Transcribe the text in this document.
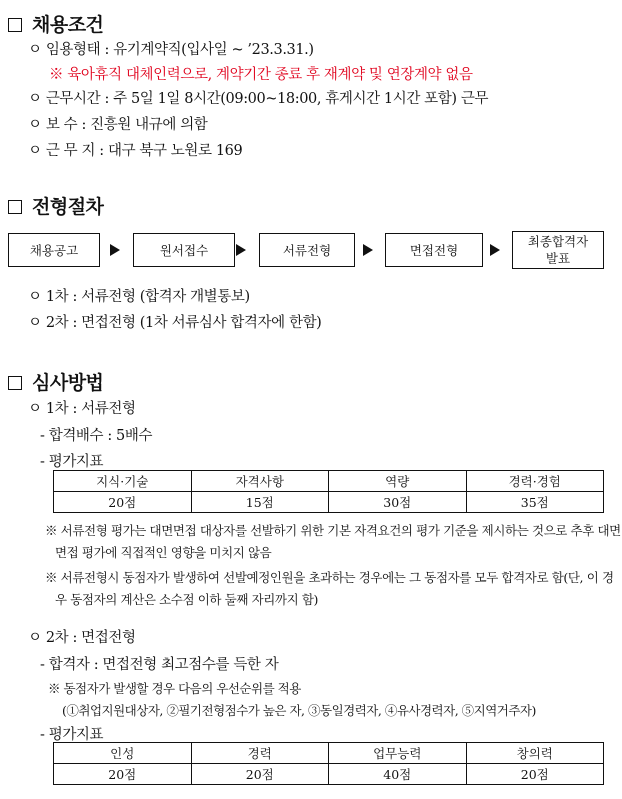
채용조건
ㅇ 임용형태 : 유기계약직(입사일 ~ ’23.3.31.)
※ 육아휴직 대체인력으로, 계약기간 종료 후 재계약 및 연장계약 없음
ㅇ 근무시간 : 주 5일 1일 8시간(09:00~18:00, 휴게시간 1시간 포함) 근무
ㅇ 보 수 : 진흥원 내규에 의함
ㅇ 근 무 지 : 대구 북구 노원로 169
전형절차
채용공고	원서접수	서류전형	면접전형
최종합격자
발표
ㅇ 1차 : 서류전형 (합격자 개별통보)
ㅇ 2차 : 면접전형 (1차 서류심사 합격자에 한함)
심사방법
ㅇ 1차 : 서류전형
- 합격배수 : 5배수
- 평가지표
지식·기술	자격사항	역량	경력·경험
20점	15점	30점	35점
※ 서류전형 평가는 대면면접 대상자를 선발하기 위한 기본 자격요건의 평가 기준을 제시하는 것으로 추후 대면면접 평가에 직접적인 영향을 미치지 않음
※ 서류전형시 동점자가 발생하여 선발예정인원을 초과하는 경우에는 그 동점자를 모두 합격자로 함(단, 이 경우 동점자의 계산은 소수점 이하 둘째 자리까지 함)
ㅇ 2차 : 면접전형
- 합격자 : 면접전형 최고점수를 득한 자
※ 동점자가 발생할 경우 다음의 우선순위를 적용
(①취업지원대상자, ②필기전형점수가 높은 자, ③동일경력자, ④유사경력자, ⑤지역거주자)
- 평가지표
인성	경력	업무능력	창의력
20점	20점	40점	20점
